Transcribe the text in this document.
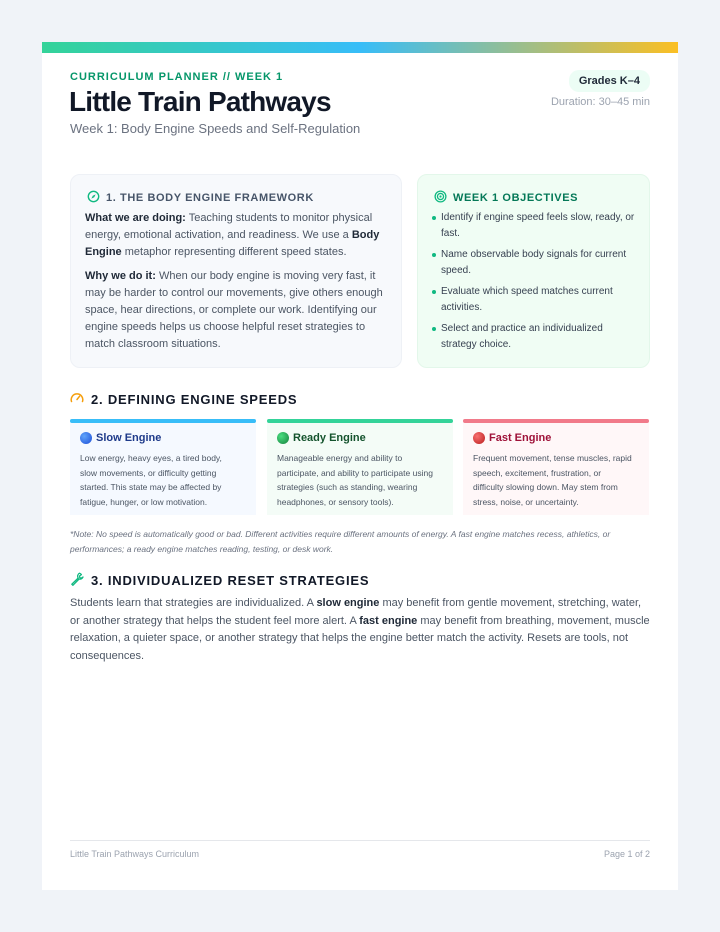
CURRICULUM PLANNER // WEEK 1
Little Train Pathways
Week 1: Body Engine Speeds and Self-Regulation
Grades K–4
Duration: 30–45 min
1. THE BODY ENGINE FRAMEWORK

What we are doing: Teaching students to monitor physical energy, emotional activation, and readiness. We use a Body Engine metaphor representing different speed states.

Why we do it: When our body engine is moving very fast, it may be harder to control our movements, give others enough space, hear directions, or complete our work. Identifying our engine speeds helps us choose helpful reset strategies to match classroom situations.

WEEK 1 OBJECTIVES
Identify if engine speed feels slow, ready, or fast.
Name observable body signals for current speed.
Evaluate which speed matches current activities.
Select and practice an individualized strategy choice.
2. DEFINING ENGINE SPEEDS
Slow Engine
Low energy, heavy eyes, a tired body, slow movements, or difficulty getting started. This state may be affected by fatigue, hunger, or low motivation.
Ready Engine
Manageable energy and ability to participate, and ability to participate using strategies (such as standing, wearing headphones, or sensory tools).
Fast Engine
Frequent movement, tense muscles, rapid speech, excitement, frustration, or difficulty slowing down. May stem from stress, noise, or uncertainty.

*Note: No speed is automatically good or bad. Different activities require different amounts of energy. A fast engine matches recess, athletics, or performances; a ready engine matches reading, testing, or desk work.

3. INDIVIDUALIZED RESET STRATEGIES

Students learn that strategies are individualized. A slow engine may benefit from gentle movement, stretching, water, or another strategy that helps the student feel more alert. A fast engine may benefit from breathing, movement, muscle relaxation, a quieter space, or another strategy that helps the engine better match the activity. Resets are tools, not consequences.

Little Train Pathways Curriculum	Page 1 of 2
